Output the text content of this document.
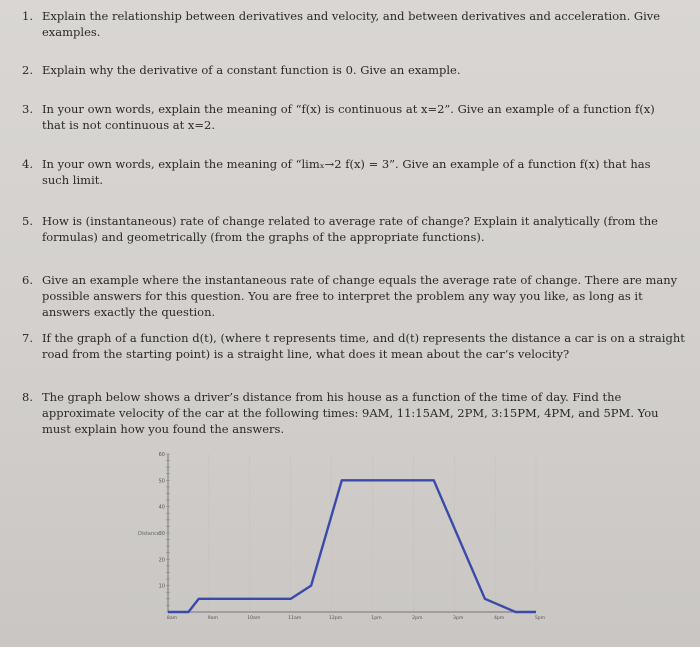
1. Explain the relationship between derivatives and velocity, and between derivatives and acceleration. Give
examples.
2. Explain why the derivative of a constant function is 0. Give an example.
3. In your own words, explain the meaning of “f(x) is continuous at x=2”. Give an example of a function f(x)
that is not continuous at x=2.
4. In your own words, explain the meaning of “limₓ→2 f(x) = 3”. Give an example of a function f(x) that has
such limit.
5. How is (instantaneous) rate of change related to average rate of change? Explain it analytically (from the
formulas) and geometrically (from the graphs of the appropriate functions).
6. Give an example where the instantaneous rate of change equals the average rate of change. There are many
possible answers for this question. You are free to interpret the problem any way you like, as long as it
answers exactly the question.
7. If the graph of a function d(t), (where t represents time, and d(t) represents the distance a car is on a straight
road from the starting point) is a straight line, what does it mean about the car’s velocity?
8. The graph below shows a driver’s distance from his house as a function of the time of day. Find the
approximate velocity of the car at the following times: 9AM, 11:15AM, 2PM, 3:15PM, 4PM, and 5PM. You
must explain how you found the answers.
10
20
30
40
50
60
8am	9am	10am	11am	12pm	1pm	2pm	3pm	4pm	5pm
Distance
